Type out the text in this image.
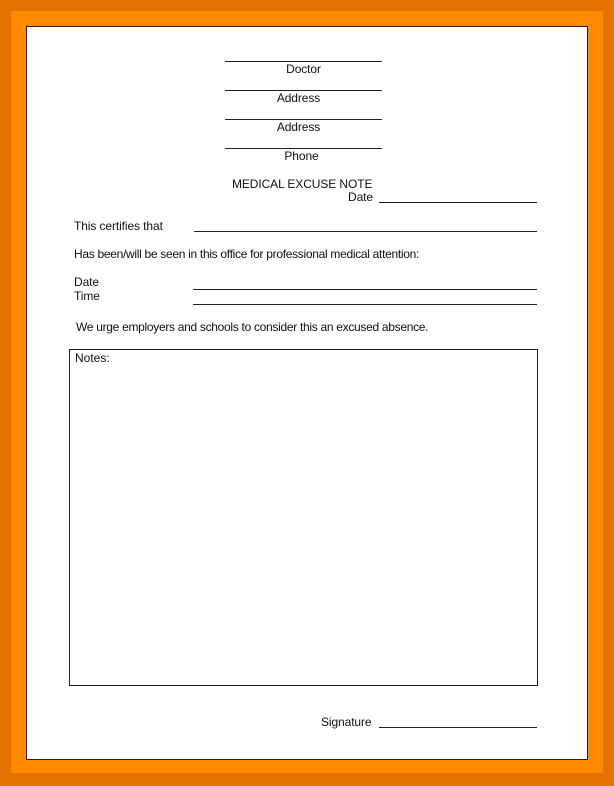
Doctor
Address
Address
Phone
MEDICAL EXCUSE NOTE
Date
This certifies that
Has been/will be seen in this office for professional medical attention:
Date
Time
We urge employers and schools to consider this an excused absence.
Notes:
Signature
